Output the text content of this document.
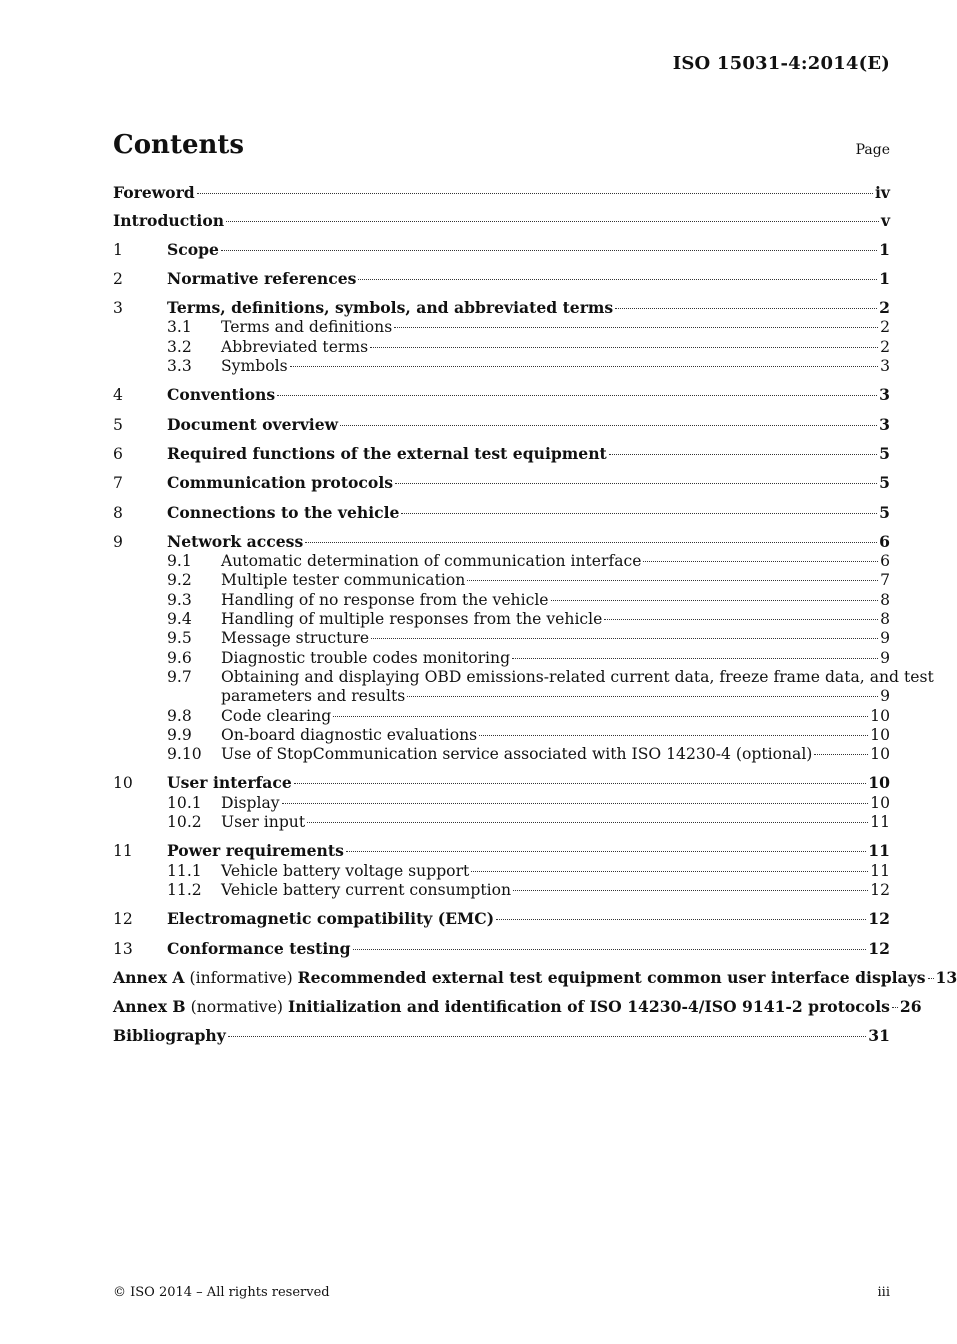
ISO 15031-4:2014(E)
Contents	Page
Foreword	iv
Introduction	v
1	Scope	1
2	Normative references	1
3	Terms, definitions, symbols, and abbreviated terms	2
3.1	Terms and definitions	2
3.2	Abbreviated terms	2
3.3	Symbols	3
4	Conventions	3
5	Document overview	3
6	Required functions of the external test equipment	5
7	Communication protocols	5
8	Connections to the vehicle	5
9	Network access	6
9.1	Automatic determination of communication interface	6
9.2	Multiple tester communication	7
9.3	Handling of no response from the vehicle	8
9.4	Handling of multiple responses from the vehicle	8
9.5	Message structure	9
9.6	Diagnostic trouble codes monitoring	9
9.7	Obtaining and displaying OBD emissions-related current data, freeze frame data, and test
parameters and results	9
9.8	Code clearing	10
9.9	On-board diagnostic evaluations	10
9.10	Use of StopCommunication service associated with ISO 14230-4 (optional)	10
10	User interface	10
10.1	Display	10
10.2	User input	11
11	Power requirements	11
11.1	Vehicle battery voltage support	11
11.2	Vehicle battery current consumption	12
12	Electromagnetic compatibility (EMC)	12
13	Conformance testing	12
Annex A (informative) Recommended external test equipment common user interface displays 13
Annex B (normative) Initialization and identification of ISO 14230-4/ISO 9141-2 protocols 26
Bibliography	31
© ISO 2014 – All rights reserved	iii
